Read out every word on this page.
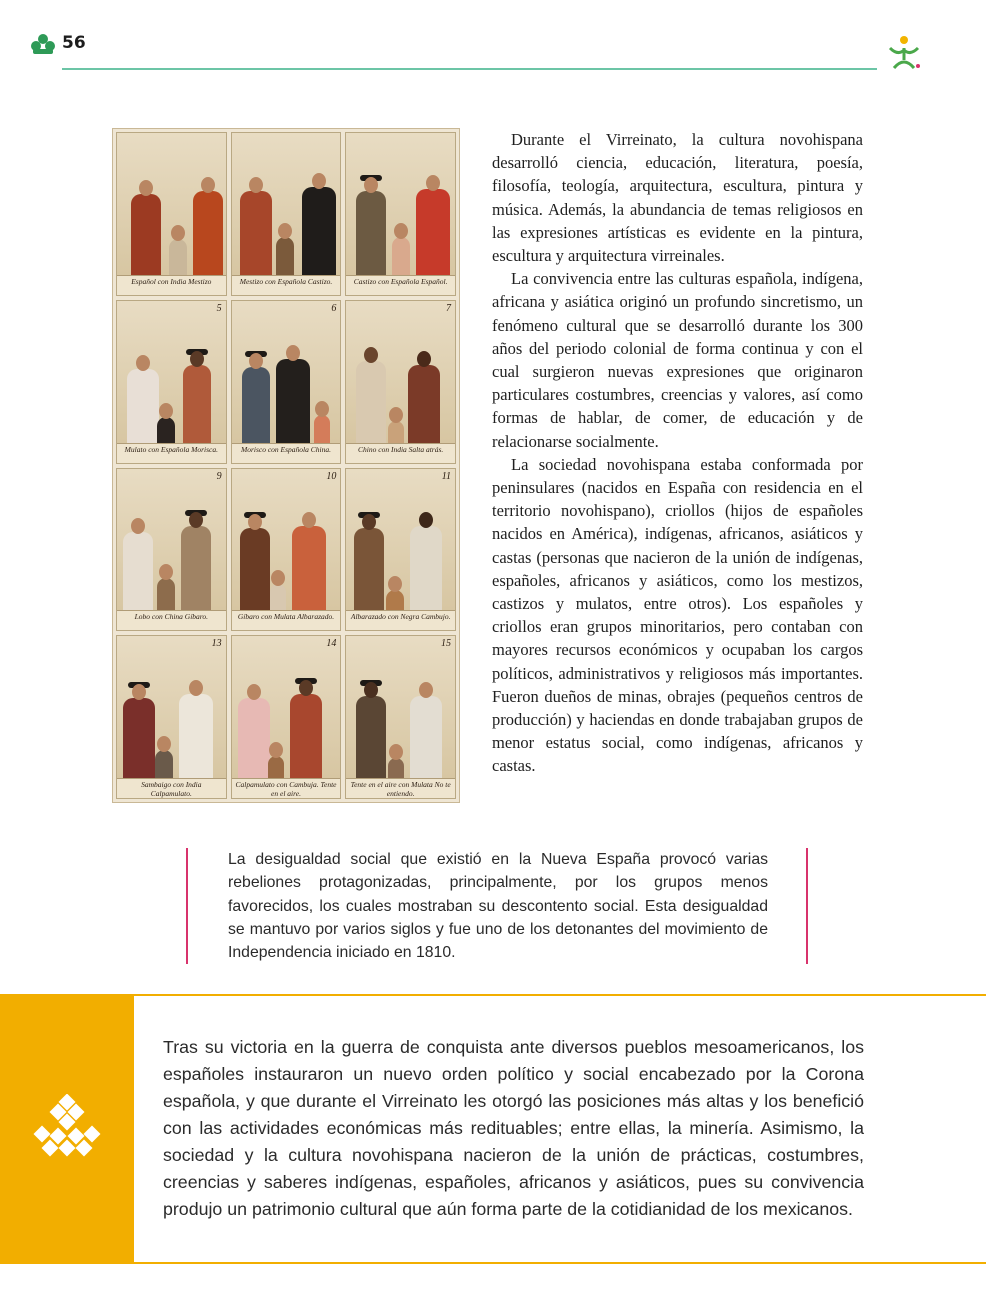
56
Español con India Mestizo	Mestizo con Española Castizo.	Castizo con Española Español.
5
Mulato con Española Morisca.
6
Morisco con Española China.
7
Chino con India Salta atrás.
9
Lobo con China Gíbaro.
10
Gíbaro con Mulata Albarazado.
11
Albarazado con Negra Cambujo.
13
Sambaigo con India Calpamulato.
14
Calpamulato con Cambuja. Tente en el aire.
15
Tente en el aire con Mulata No te entiendo.

Durante el Virreinato, la cultura novohispana desarrolló ciencia, educación, literatura, poesía, filosofía, teología, arquitectura, escultura, pintura y música. Además, la abundancia de temas religiosos en las expresiones artísticas es evidente en la pintura, escultura y arquitectura virreinales.

La convivencia entre las culturas española, indígena, africana y asiática originó un profundo sincretismo, un fenómeno cultural que se desarrolló durante los 300 años del periodo colonial de forma continua y con el cual surgieron nuevas expresiones que originaron particulares costumbres, creencias y valores, así como formas de hablar, de comer, de educación y de relacionarse socialmente.

La sociedad novohispana estaba conformada por peninsulares (nacidos en España con residencia en el territorio novohispano), criollos (hijos de españoles nacidos en América), indígenas, africanos, asiáticos y castas (personas que nacieron de la unión de indígenas, españoles, africanos y asiáticos, como los mestizos, castizos y mulatos, entre otros). Los españoles y criollos eran grupos minoritarios, pero contaban con mayores recursos económicos y ocupaban los cargos políticos, administrativos y religiosos más importantes. Fueron dueños de minas, obrajes (pequeños centros de producción) y haciendas en donde trabajaban grupos de menor estatus social, como indígenas, africanos y castas.

La desigualdad social que existió en la Nueva España provocó varias rebeliones protagonizadas, principalmente, por los grupos menos favorecidos, los cuales mostraban su descontento social. Esta desigualdad se mantuvo por varios siglos y fue uno de los detonantes del movimiento de Independencia iniciado en 1810.
Tras su victoria en la guerra de conquista ante diversos pueblos mesoamericanos, los españoles instauraron un nuevo orden político y social encabezado por la Corona española, y que durante el Virreinato les otorgó las posiciones más altas y los benefició con las actividades económicas más redituables; entre ellas, la minería. Asimismo, la sociedad y la cultura novohispana nacieron de la unión de prácticas, costumbres, creencias y saberes indígenas, españoles, africanos y asiáticos, pues su convivencia produjo un patrimonio cultural que aún forma parte de la cotidianidad de los mexicanos.
